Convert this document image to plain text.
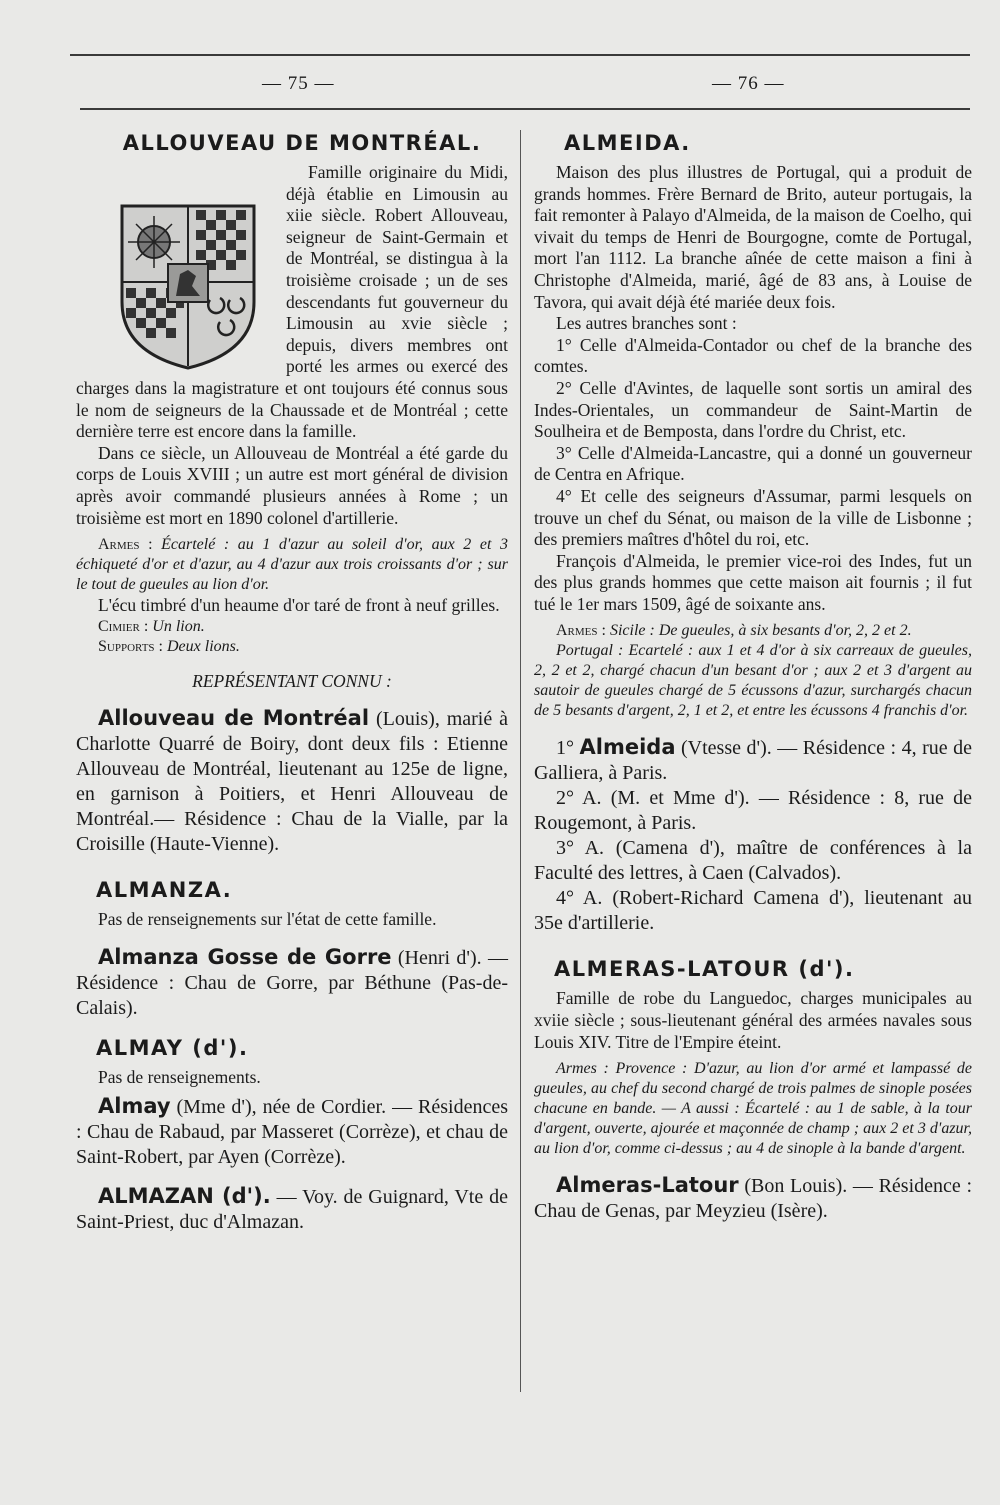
— 75 —	— 76 —
ALLOUVEAU DE MONTRÉAL.

Famille originaire du Midi, déjà établie en Limousin au xiie siècle. Robert Allouveau, seigneur de Saint-Germain et de Montréal, se distingua à la troisième croisade ; un de ses descendants fut gouverneur du Limousin au xvie siècle ; depuis, divers membres ont porté les armes ou exercé des charges dans la magistrature et ont toujours été connus sous le nom de seigneurs de la Chaussade et de Montréal ; cette dernière terre est encore dans la famille.

Dans ce siècle, un Allouveau de Montréal a été garde du corps de Louis XVIII ; un autre est mort général de division après avoir commandé plusieurs années à Rome ; un troisième est mort en 1890 colonel d'artillerie.

Armes : Écartelé : au 1 d'azur au soleil d'or, aux 2 et 3 échiqueté d'or et d'azur, au 4 d'azur aux trois croissants d'or ; sur le tout de gueules au lion d'or.

L'écu timbré d'un heaume d'or taré de front à neuf grilles.

Cimier : Un lion.

Supports : Deux lions.

REPRÉSENTANT CONNU :

Allouveau de Montréal (Louis), marié à Charlotte Quarré de Boiry, dont deux fils : Etienne Allouveau de Montréal, lieutenant au 125e de ligne, en garnison à Poitiers, et Henri Allouveau de Montréal.— Résidence : Chau de la Vialle, par la Croisille (Haute-Vienne).

ALMANZA.

Pas de renseignements sur l'état de cette famille.

Almanza Gosse de Gorre (Henri d'). — Résidence : Chau de Gorre, par Béthune (Pas-de-Calais).

ALMAY (d').

Pas de renseignements.

Almay (Mme d'), née de Cordier. — Résidences : Chau de Rabaud, par Masseret (Corrèze), et chau de Saint-Robert, par Ayen (Corrèze).

ALMAZAN (d'). — Voy. de Guignard, Vte de Saint-Priest, duc d'Almazan.

ALMEIDA.

Maison des plus illustres de Portugal, qui a produit de grands hommes. Frère Bernard de Brito, auteur portugais, la fait remonter à Palayo d'Almeida, de la maison de Coelho, qui vivait du temps de Henri de Bourgogne, comte de Portugal, mort l'an 1112. La branche aînée de cette maison a fini à Christophe d'Almeida, marié, âgé de 83 ans, à Louise de Tavora, qui avait déjà été mariée deux fois.

Les autres branches sont :

1° Celle d'Almeida-Contador ou chef de la branche des comtes.

2° Celle d'Avintes, de laquelle sont sortis un amiral des Indes-Orientales, un commandeur de Saint-Martin de Soulheira et de Bemposta, dans l'ordre du Christ, etc.

3° Celle d'Almeida-Lancastre, qui a donné un gouverneur de Centra en Afrique.

4° Et celle des seigneurs d'Assumar, parmi lesquels on trouve un chef du Sénat, ou maison de la ville de Lisbonne ; des premiers maîtres d'hôtel du roi, etc.

François d'Almeida, le premier vice-roi des Indes, fut un des plus grands hommes que cette maison ait fournis ; il fut tué le 1er mars 1509, âgé de soixante ans.

Armes : Sicile : De gueules, à six besants d'or, 2, 2 et 2.

Portugal : Ecartelé : aux 1 et 4 d'or à six carreaux de gueules, 2, 2 et 2, chargé chacun d'un besant d'or ; aux 2 et 3 d'argent au sautoir de gueules chargé de 5 écussons d'azur, surchargés chacun de 5 besants d'argent, 2, 1 et 2, et entre les écussons 4 franchis d'or.

1° Almeida (Vtesse d'). — Résidence : 4, rue de Galliera, à Paris.

2° A. (M. et Mme d'). — Résidence : 8, rue de Rougemont, à Paris.

3° A. (Camena d'), maître de conférences à la Faculté des lettres, à Caen (Calvados).

4° A. (Robert-Richard Camena d'), lieutenant au 35e d'artillerie.

ALMERAS-LATOUR (d').

Famille de robe du Languedoc, charges municipales au xviie siècle ; sous-lieutenant général des armées navales sous Louis XIV. Titre de l'Empire éteint.

Armes : Provence : D'azur, au lion d'or armé et lampassé de gueules, au chef du second chargé de trois palmes de sinople posées chacune en bande. — A aussi : Écartelé : au 1 de sable, à la tour d'argent, ouverte, ajourée et maçonnée de champ ; aux 2 et 3 d'azur, au lion d'or, comme ci-dessus ; au 4 de sinople à la bande d'argent.

Almeras-Latour (Bon Louis). — Résidence : Chau de Genas, par Meyzieu (Isère).
